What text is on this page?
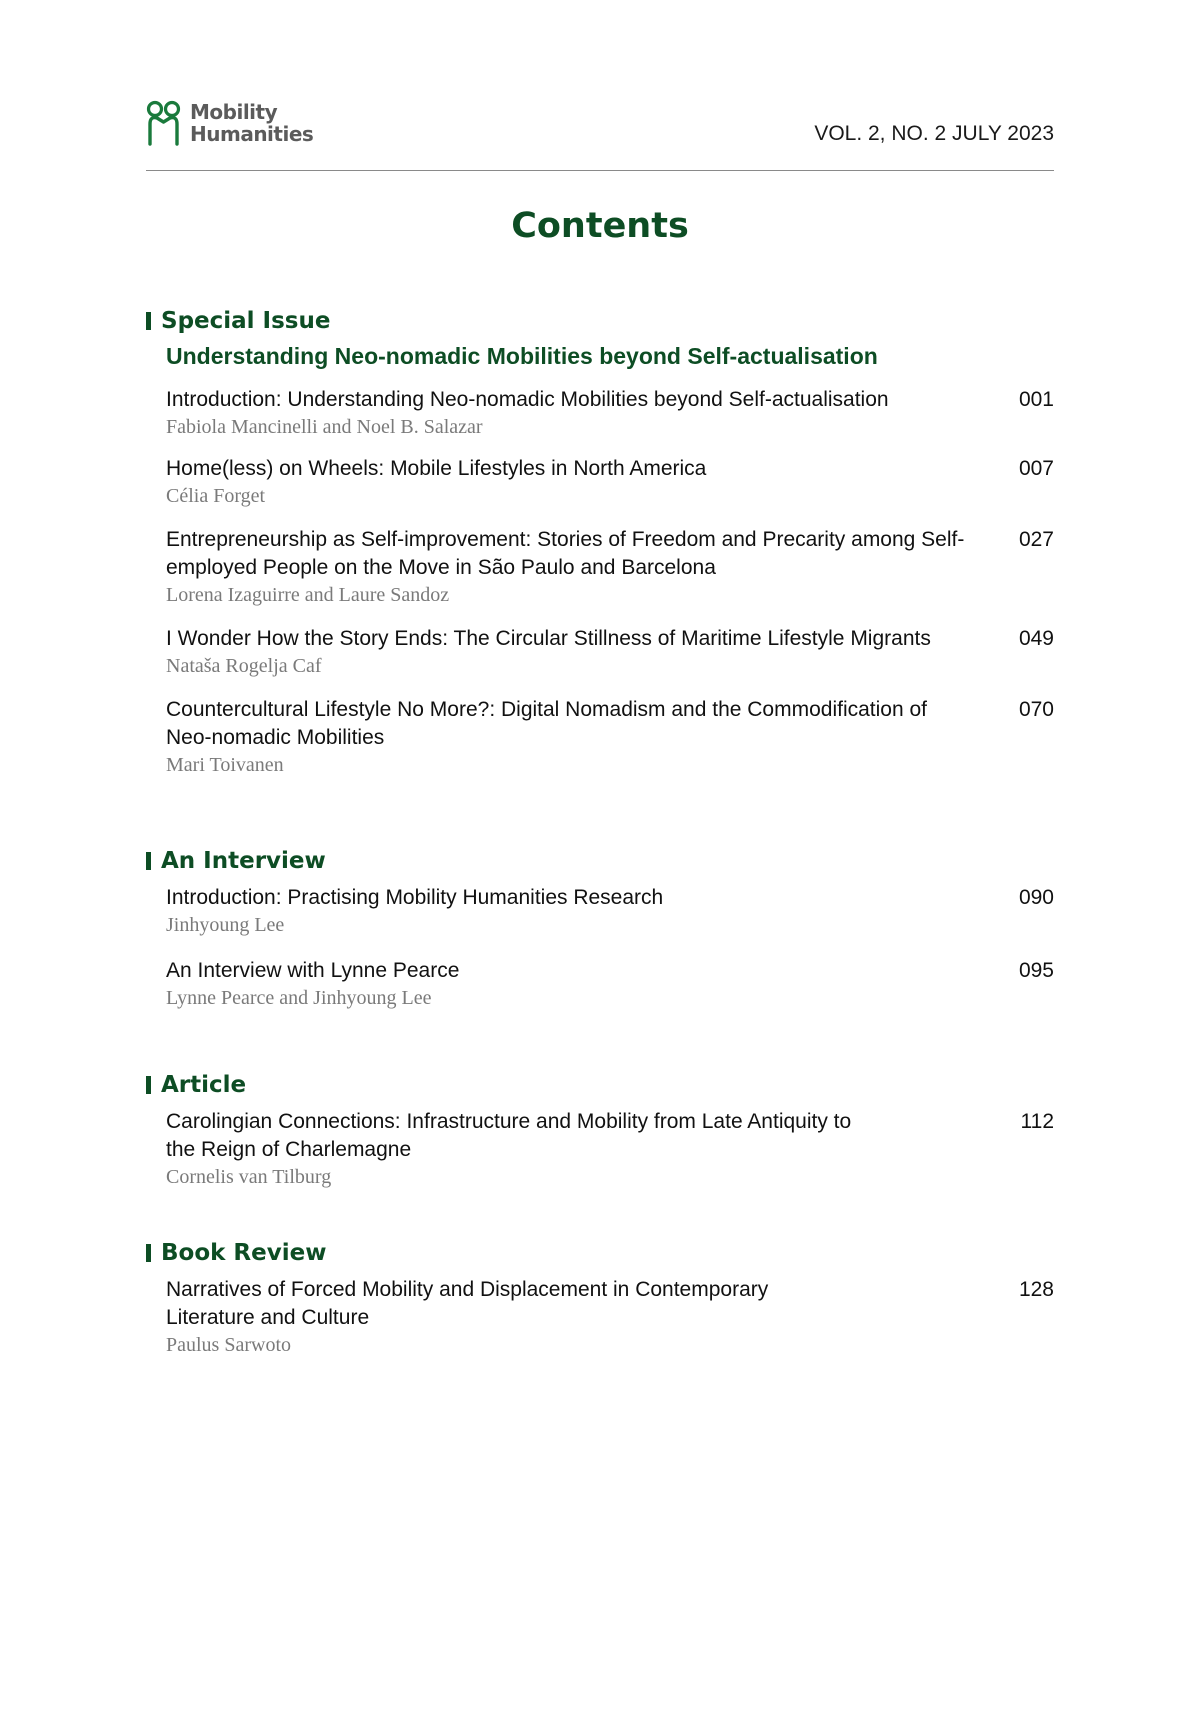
Mobility
Humanities	VOL. 2, NO. 2 JULY 2023
Contents
Special Issue
Understanding Neo-nomadic Mobilities beyond Self-actualisation
Introduction: Understanding Neo-nomadic Mobilities beyond Self-actualisation
Fabiola Mancinelli and Noel B. Salazar
001
Home(less) on Wheels: Mobile Lifestyles in North America
Célia Forget
007
Entrepreneurship as Self-improvement: Stories of Freedom and Precarity among Self-employed People on the Move in São Paulo and Barcelona
Lorena Izaguirre and Laure Sandoz
027
I Wonder How the Story Ends: The Circular Stillness of Maritime Lifestyle Migrants
Nataša Rogelja Caf
049
Countercultural Lifestyle No More?: Digital Nomadism and the Commodification of Neo-nomadic Mobilities
Mari Toivanen
070
An Interview
Introduction: Practising Mobility Humanities Research
Jinhyoung Lee
090
An Interview with Lynne Pearce
Lynne Pearce and Jinhyoung Lee
095
Article
Carolingian Connections: Infrastructure and Mobility from Late Antiquity to the Reign of Charlemagne
Cornelis van Tilburg
112
Book Review
Narratives of Forced Mobility and Displacement in Contemporary Literature and Culture
Paulus Sarwoto
128
